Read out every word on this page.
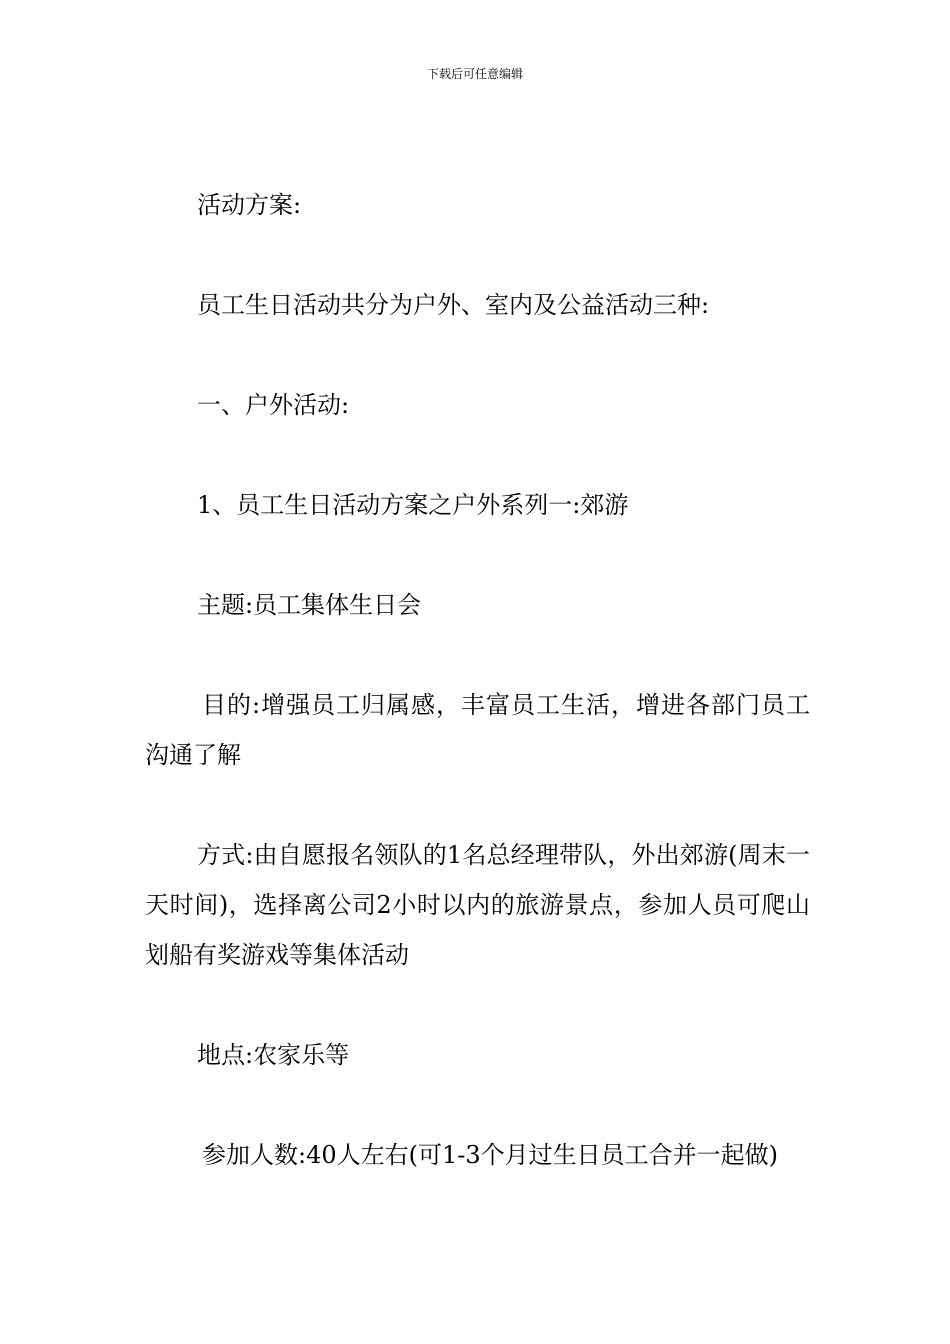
下载后可任意编辑

活动方案:

员工生日活动共分为户外、室内及公益活动三种:

一、户外活动:

1、员工生日活动方案之户外系列一:郊游

主题:员工集体生日会

目的:增强员工归属感，丰富员工生活，增进各部门员工沟通了解

方式:由自愿报名领队的1名总经理带队，外出郊游(周末一天时间)，选择离公司2小时以内的旅游景点，参加人员可爬山划船有奖游戏等集体活动

地点:农家乐等

参加人数:40人左右(可1-3个月过生日员工合并一起做)
